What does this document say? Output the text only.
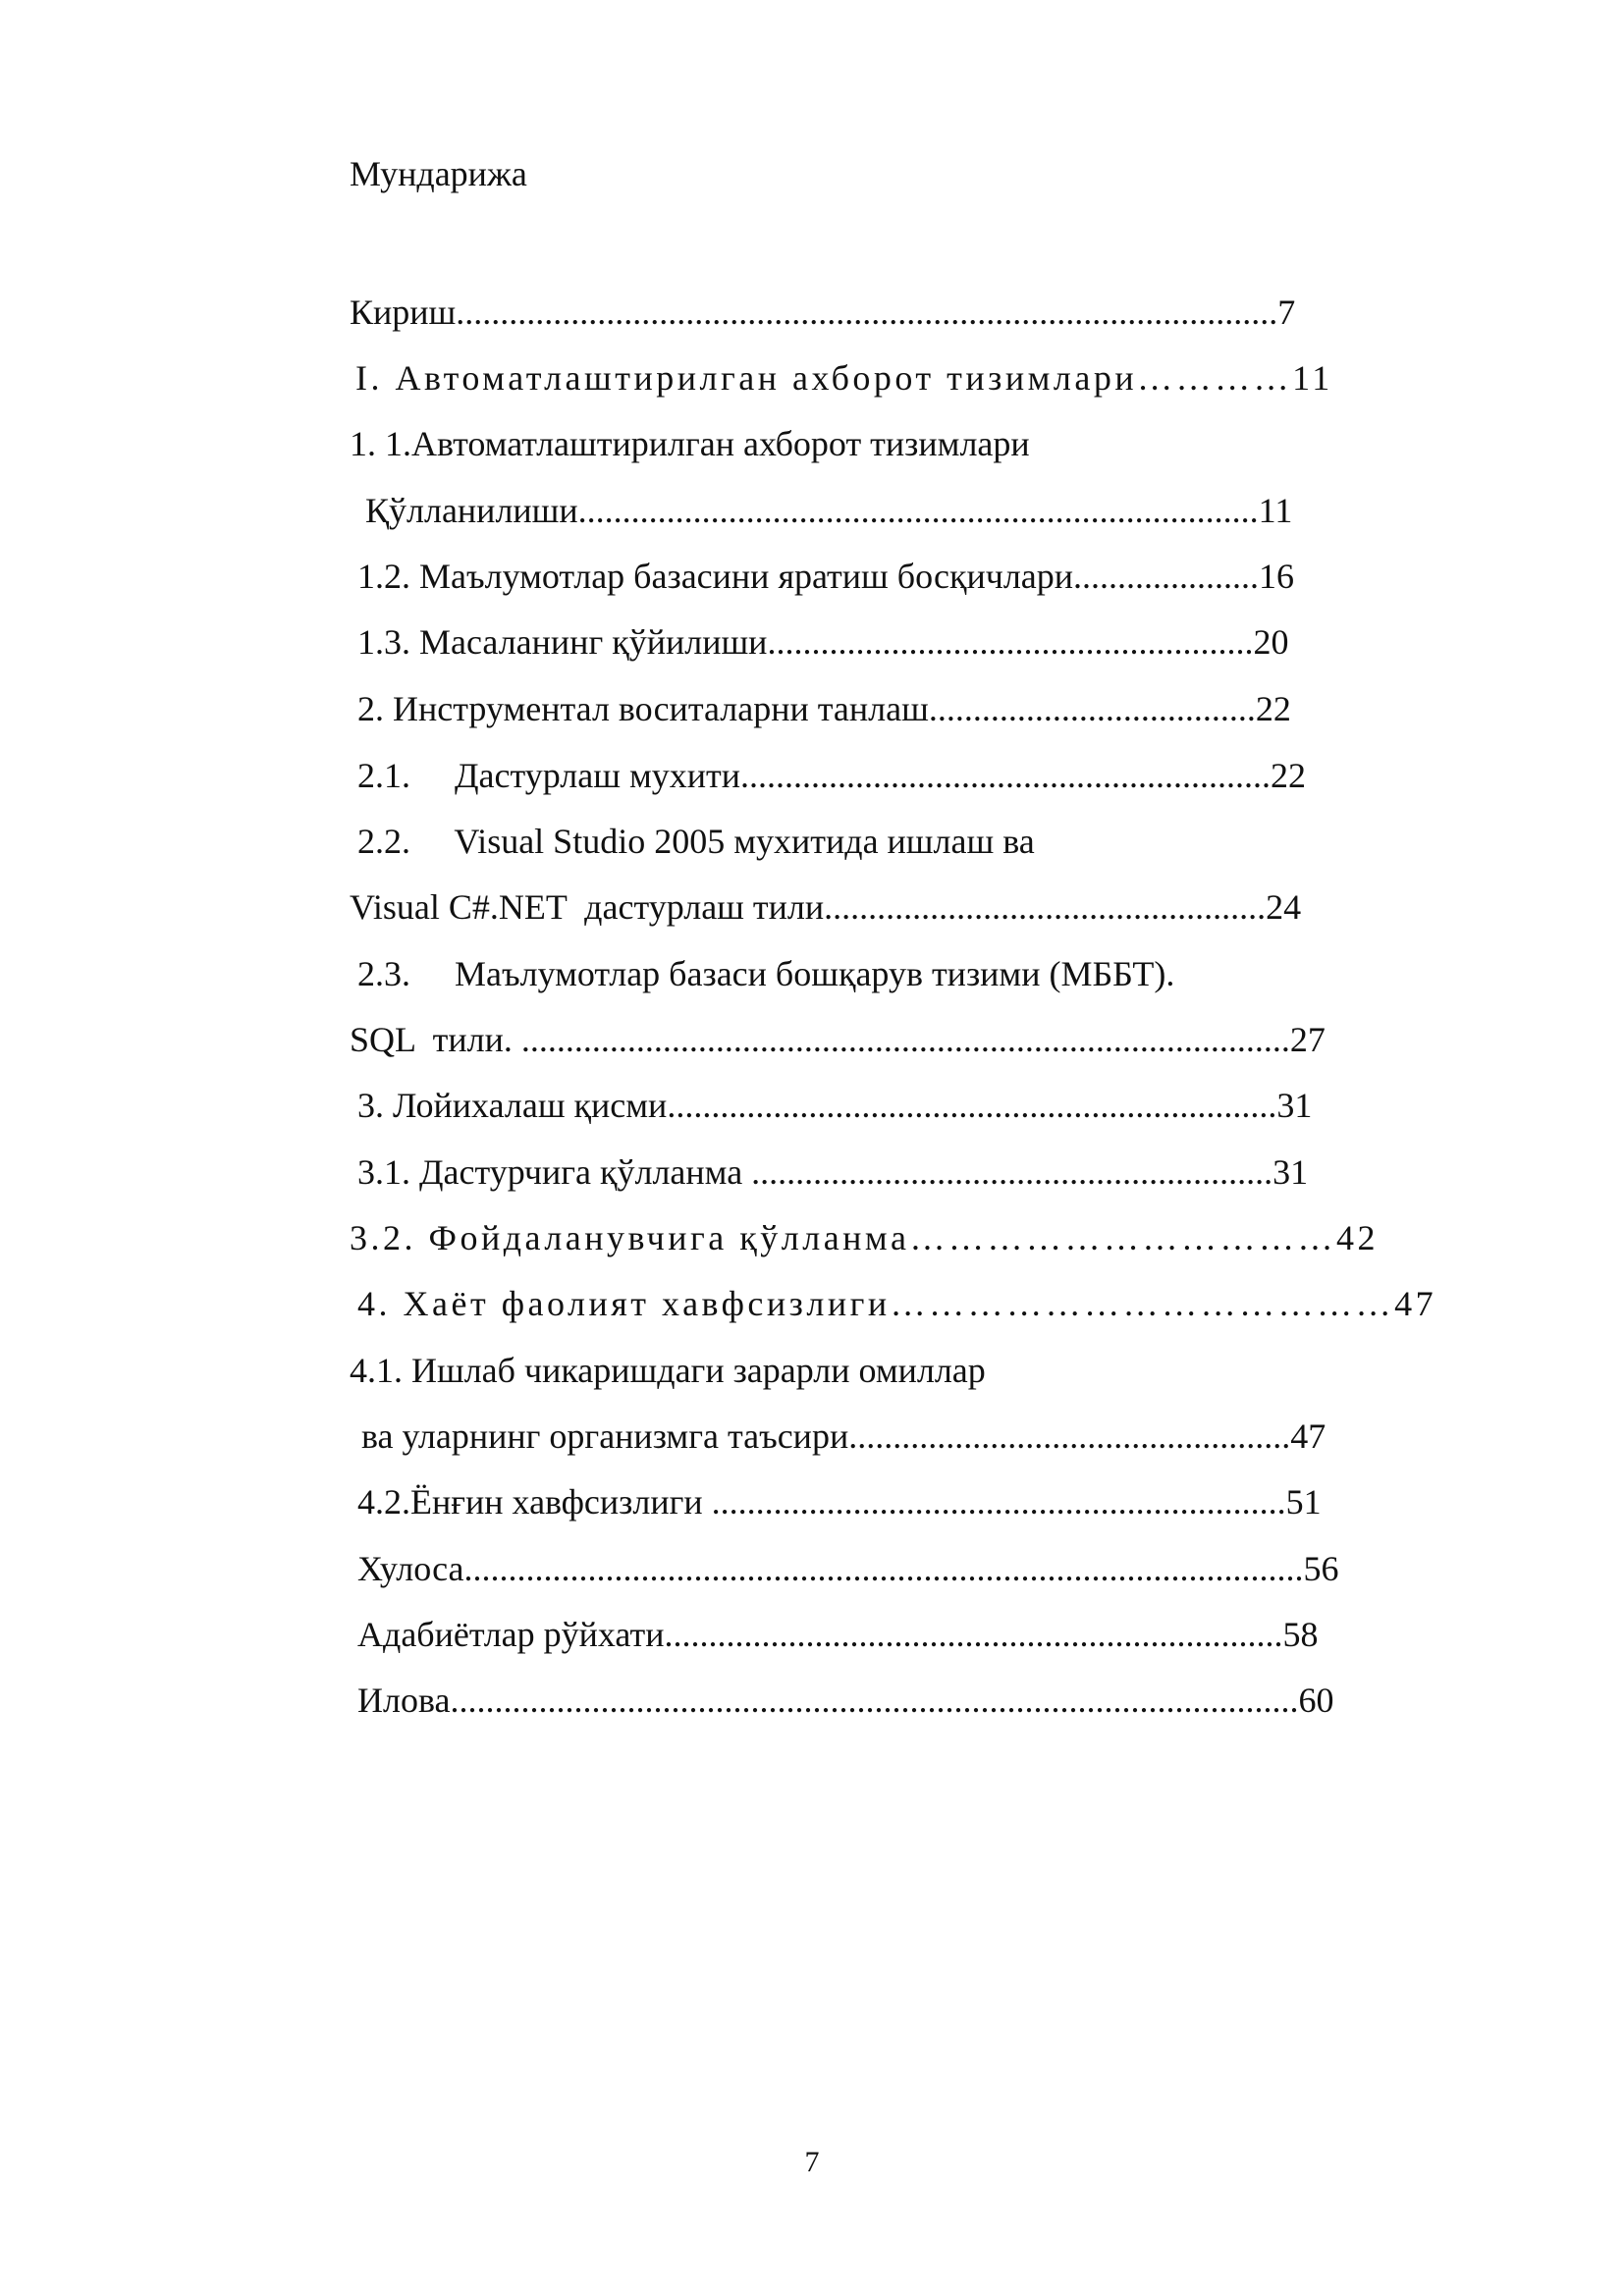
Мундарижа
Кириш.............................................................................................7
I. Автоматлаштирилган ахборот тизимлари…………11
1. 1.Автоматлаштирилган ахборот тизимлари
Қўлланилиши.............................................................................11
1.2. Маълумотлар базасини яратиш босқичлари.....................16
1.3. Масаланинг қўйилиши.......................................................20
2. Инструментал воситаларни танлаш.....................................22
2.1.     Дастурлаш мухити............................................................22
2.2.     Visual Studio 2005 мухитида ишлаш ва
Visual C#.NET  дастурлаш тили..................................................24
2.3.     Маълумотлар базаси бошқарув тизими (МББТ).
SQL  тили. .......................................................................................27
3. Лойихалаш қисми.....................................................................31
3.1. Дастурчига қўлланма ...........................................................31
3.2. Фойдаланувчига қўлланма……………………………42
4. Хаёт фаолият хавфсизлиги…………………………………47
4.1. Ишлаб чикаришдаги зарарли омиллар
ва уларнинг организмга таъсири..................................................47
4.2.Ёнғин хавфсизлиги .................................................................51
Хулоса...............................................................................................56
Адабиётлар рўйхати......................................................................58
Илова................................................................................................60
7
